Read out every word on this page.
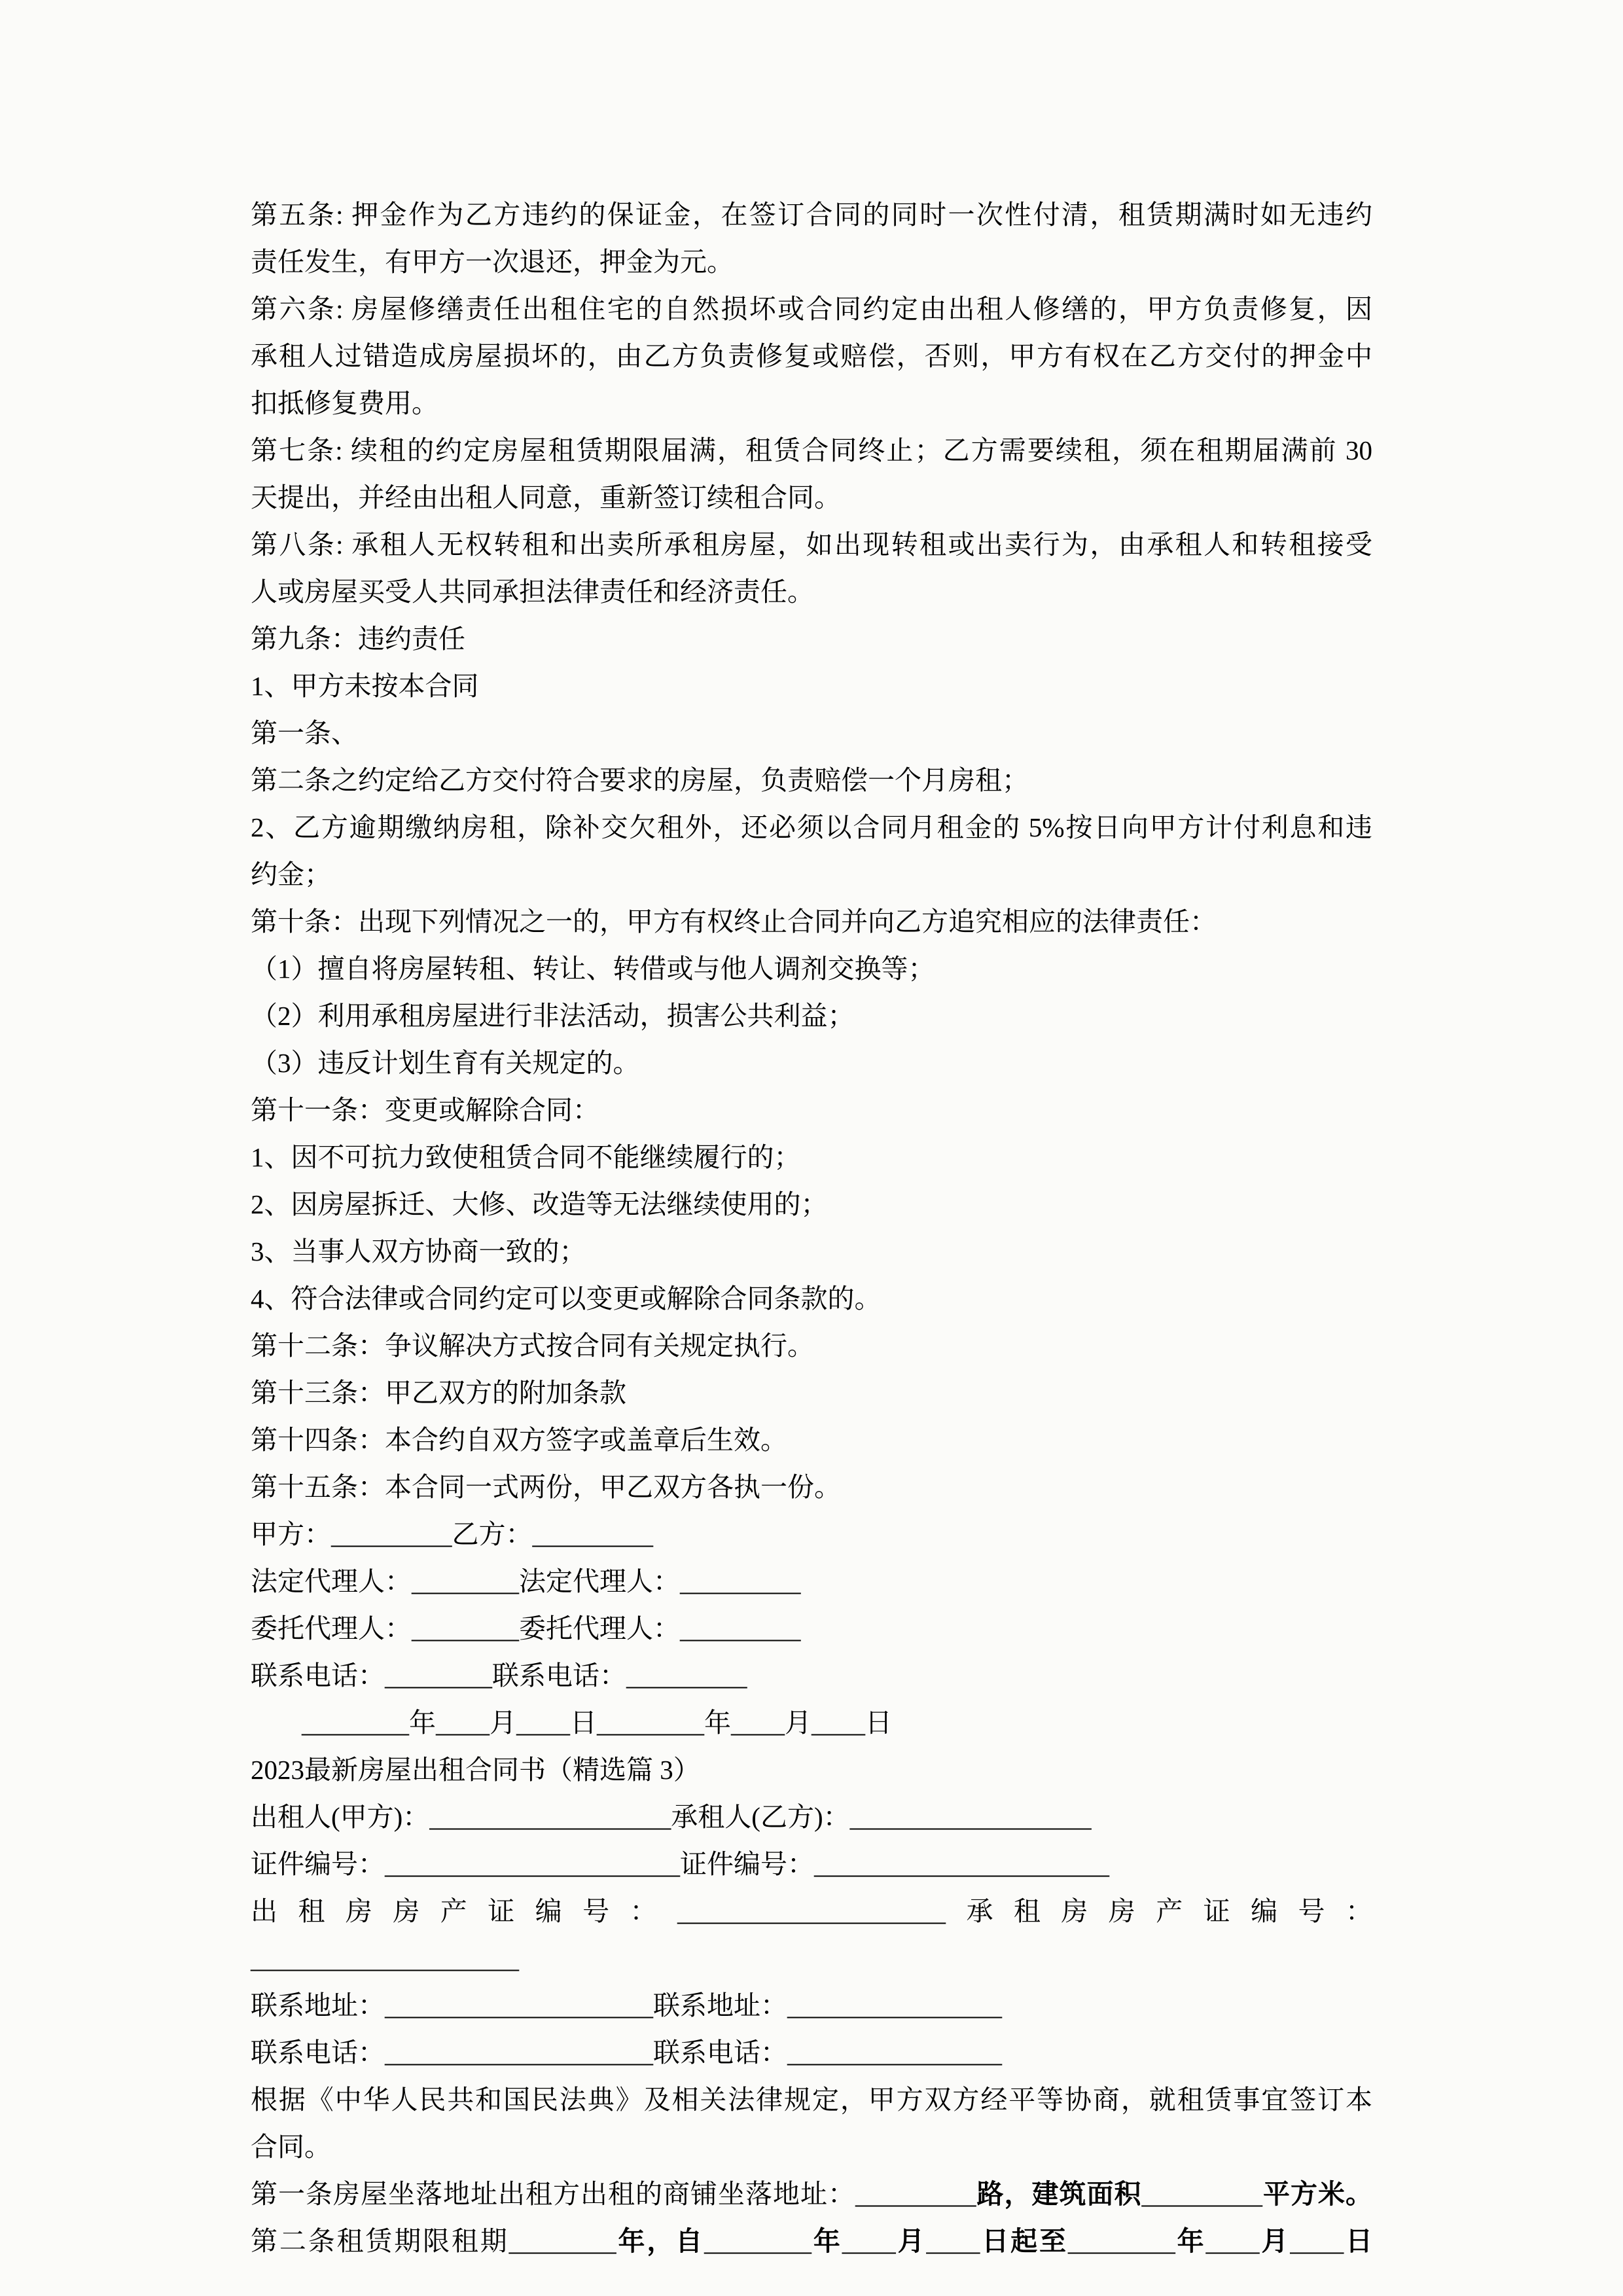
第五条: 押金作为乙方违约的保证金，在签订合同的同时一次性付清，租赁期满时如无违约
责任发生，有甲方一次退还，押金为元。
第六条: 房屋修缮责任出租住宅的自然损坏或合同约定由出租人修缮的，甲方负责修复，因
承租人过错造成房屋损坏的，由乙方负责修复或赔偿，否则，甲方有权在乙方交付的押金中
扣抵修复费用。
第七条: 续租的约定房屋租赁期限届满，租赁合同终止；乙方需要续租，须在租期届满前 30
天提出，并经由出租人同意，重新签订续租合同。
第八条: 承租人无权转租和出卖所承租房屋，如出现转租或出卖行为，由承租人和转租接受
人或房屋买受人共同承担法律责任和经济责任。
第九条：违约责任
1、甲方未按本合同
第一条、
第二条之约定给乙方交付符合要求的房屋，负责赔偿一个月房租；
2、乙方逾期缴纳房租，除补交欠租外，还必须以合同月租金的 5%按日向甲方计付利息和违
约金；
第十条：出现下列情况之一的，甲方有权终止合同并向乙方追究相应的法律责任：
（1）擅自将房屋转租、转让、转借或与他人调剂交换等；
（2）利用承租房屋进行非法活动，损害公共利益；
（3）违反计划生育有关规定的。
第十一条：变更或解除合同：
1、因不可抗力致使租赁合同不能继续履行的；
2、因房屋拆迁、大修、改造等无法继续使用的；
3、当事人双方协商一致的；
4、符合法律或合同约定可以变更或解除合同条款的。
第十二条：争议解决方式按合同有关规定执行。
第十三条：甲乙双方的附加条款
第十四条：本合约自双方签字或盖章后生效。
第十五条：本合同一式两份，甲乙双方各执一份。
甲方：_________乙方：_________
法定代理人：________法定代理人：_________
委托代理人：________委托代理人：_________
联系电话：________联系电话：_________
________年____月____日________年____月____日
2023最新房屋出租合同书（精选篇 3）
出租人(甲方)：__________________承租人(乙方)：__________________
证件编号：______________________证件编号：______________________
出租房房产证编号：____________________承租房房产证编号：
____________________
联系地址：____________________联系地址：________________
联系电话：____________________联系电话：________________
根据《中华人民共和国民法典》及相关法律规定，甲方双方经平等协商，就租赁事宜签订本
合同。
第一条房屋坐落地址出租方出租的商铺坐落地址：_________路，建筑面积_________平方米。
第二条租赁期限租期________年，自________年____月____日起至________年____月____日
